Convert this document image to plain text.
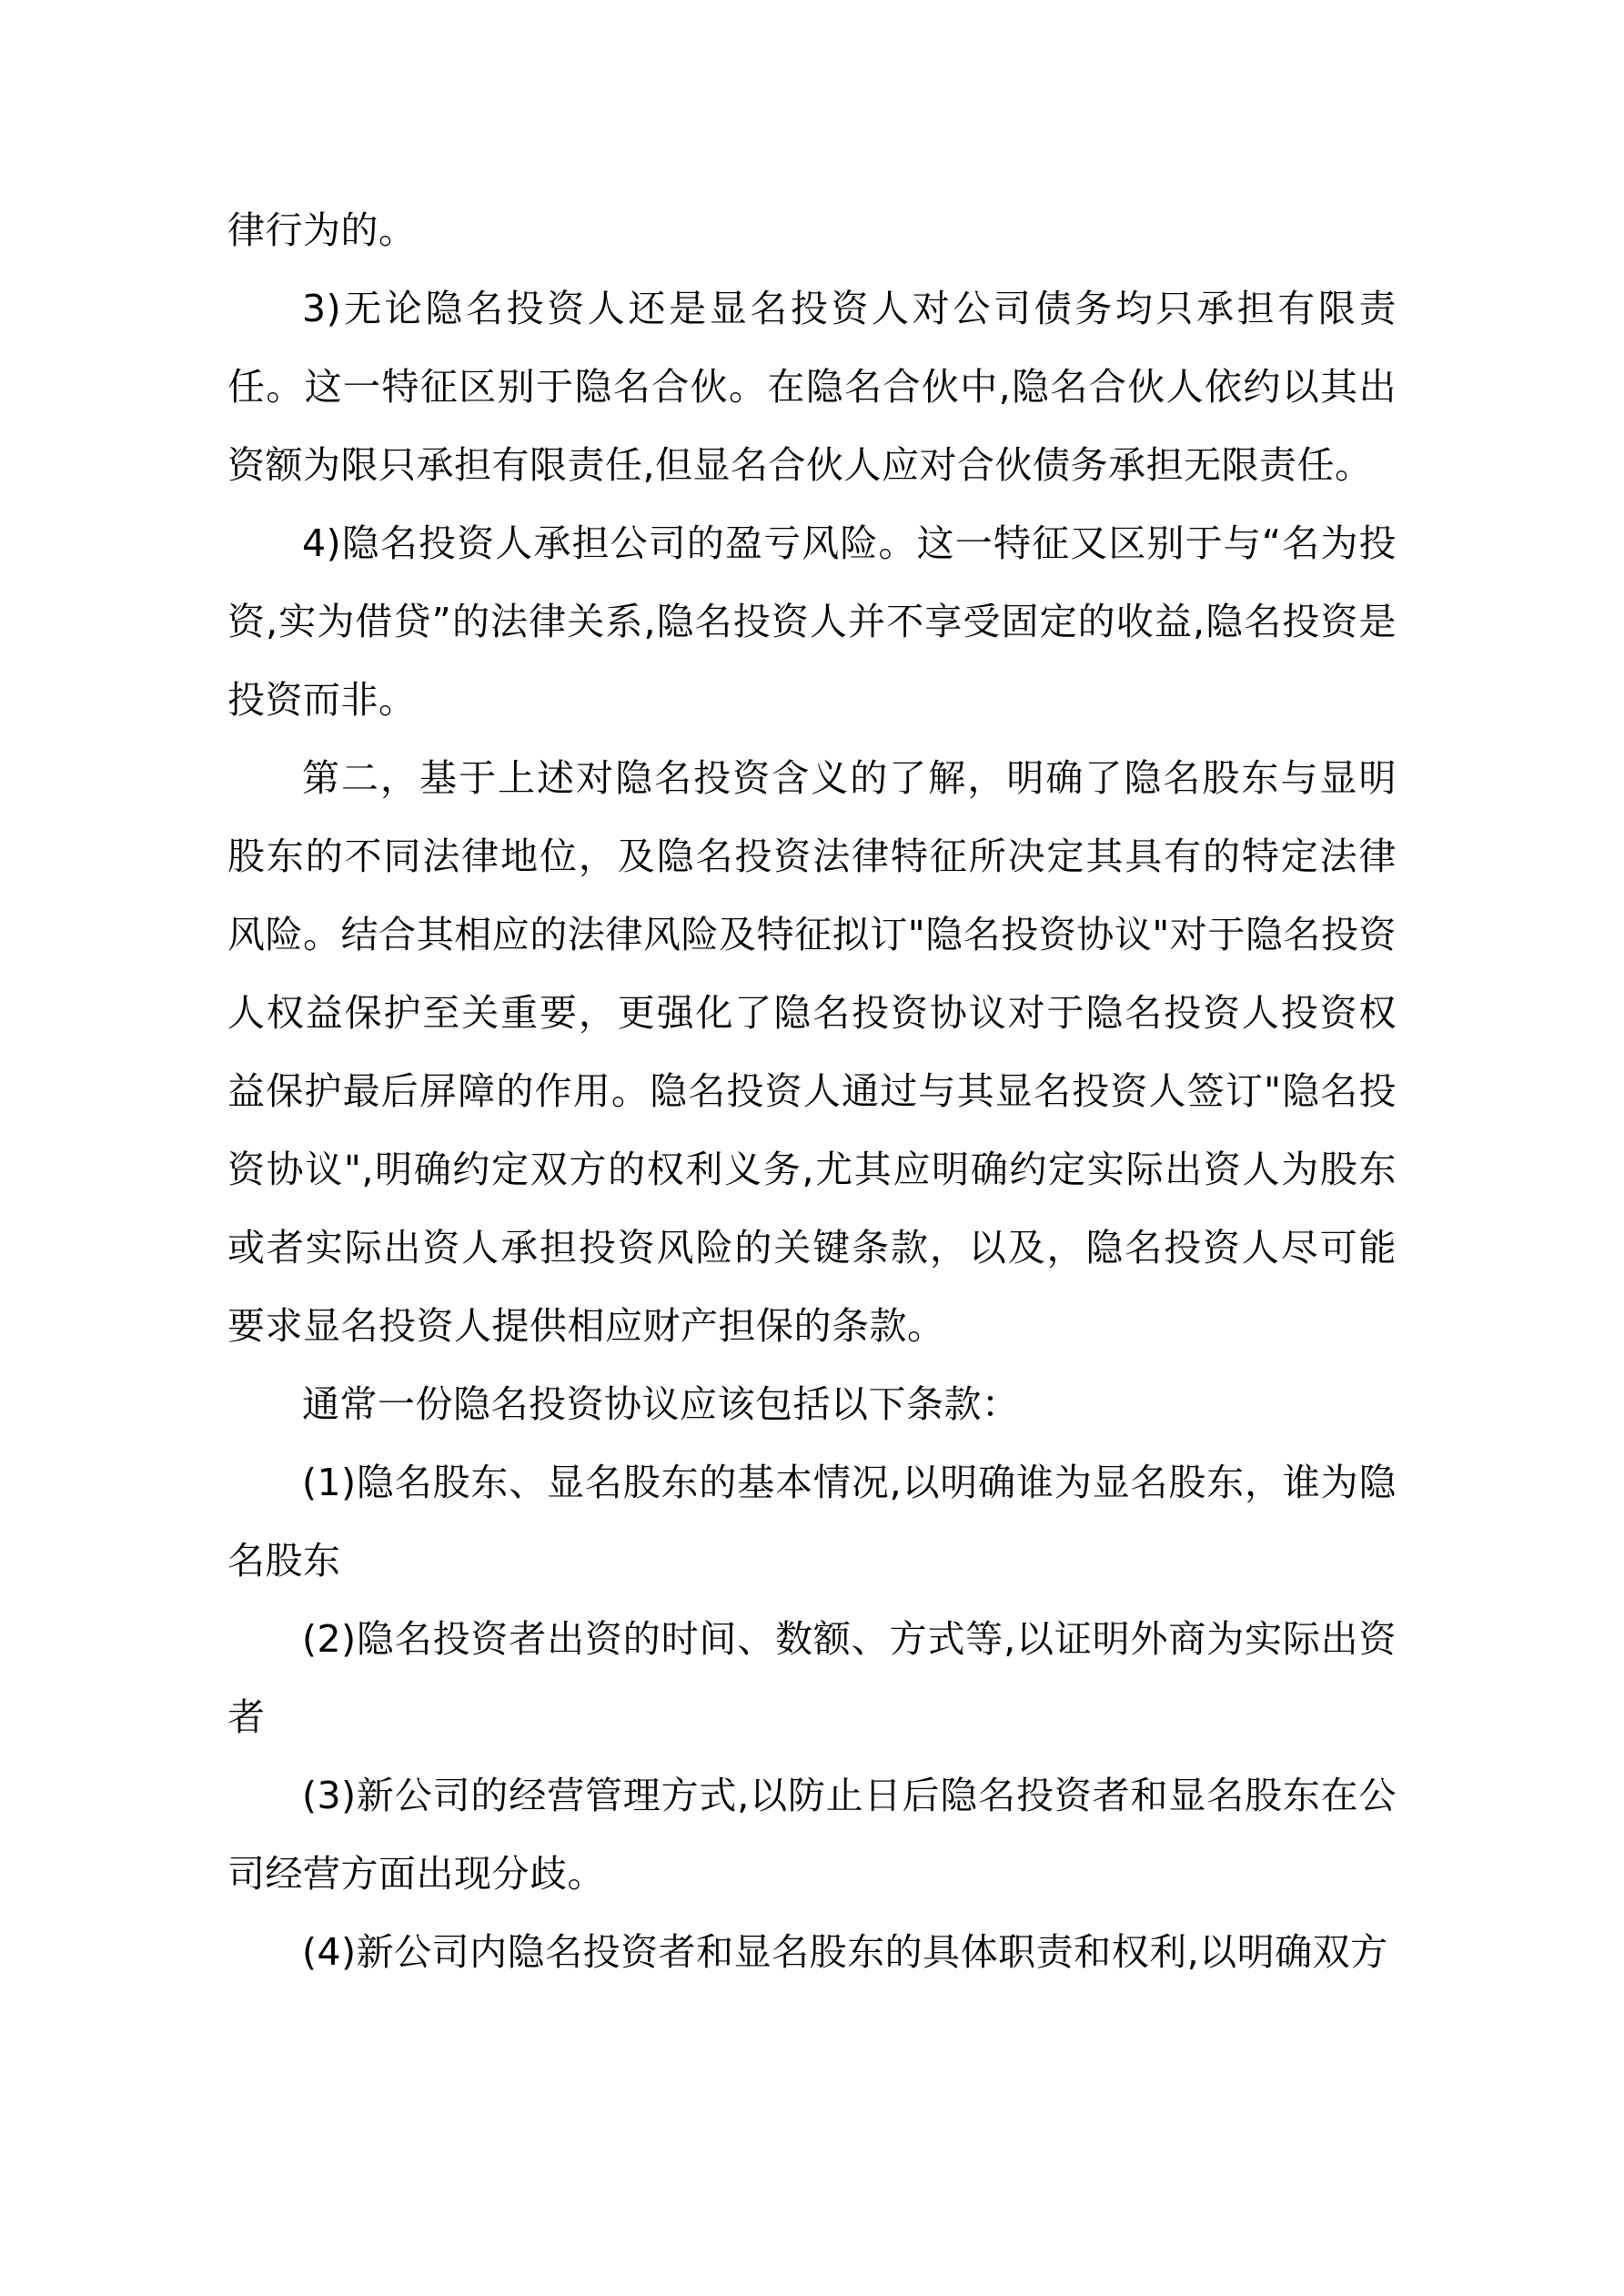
律行为的。

3)无论隐名投资人还是显名投资人对公司债务均只承担有限责任。这一特征区别于隐名合伙。在隐名合伙中,隐名合伙人依约以其出资额为限只承担有限责任,但显名合伙人应对合伙债务承担无限责任。

4)隐名投资人承担公司的盈亏风险。这一特征又区别于与“名为投资,实为借贷”的法律关系,隐名投资人并不享受固定的收益,隐名投资是投资而非。

第二，基于上述对隐名投资含义的了解，明确了隐名股东与显明股东的不同法律地位，及隐名投资法律特征所决定其具有的特定法律风险。结合其相应的法律风险及特征拟订"隐名投资协议"对于隐名投资人权益保护至关重要，更强化了隐名投资协议对于隐名投资人投资权益保护最后屏障的作用。隐名投资人通过与其显名投资人签订"隐名投资协议",明确约定双方的权利义务,尤其应明确约定实际出资人为股东或者实际出资人承担投资风险的关键条款，以及，隐名投资人尽可能要求显名投资人提供相应财产担保的条款。

通常一份隐名投资协议应该包括以下条款：

(1)隐名股东、显名股东的基本情况,以明确谁为显名股东，谁为隐名股东

(2)隐名投资者出资的时间、数额、方式等,以证明外商为实际出资者

(3)新公司的经营管理方式,以防止日后隐名投资者和显名股东在公司经营方面出现分歧。

(4)新公司内隐名投资者和显名股东的具体职责和权利,以明确双方
